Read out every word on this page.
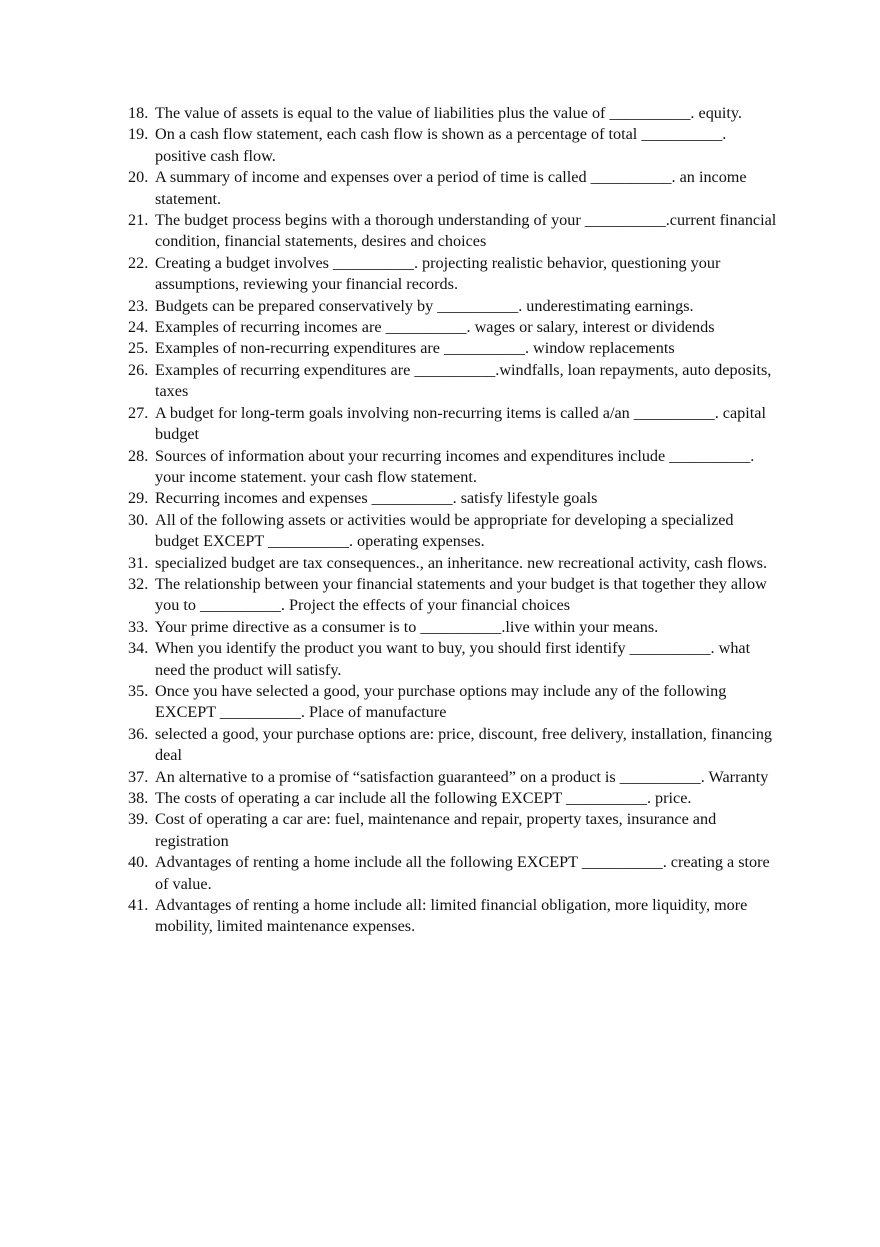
18. The value of assets is equal to the value of liabilities plus the value of __________. equity.
19. On a cash flow statement, each cash flow is shown as a percentage of total __________. positive cash flow.
20. A summary of income and expenses over a period of time is called __________. an income statement.
21. The budget process begins with a thorough understanding of your __________.current financial condition, financial statements, desires and choices
22. Creating a budget involves __________. projecting realistic behavior, questioning your assumptions, reviewing your financial records.
23. Budgets can be prepared conservatively by __________. underestimating earnings.
24. Examples of recurring incomes are __________. wages or salary, interest or dividends
25. Examples of non-recurring expenditures are __________. window replacements
26. Examples of recurring expenditures are __________.windfalls, loan repayments, auto deposits, taxes
27. A budget for long-term goals involving non-recurring items is called a/an __________. capital budget
28. Sources of information about your recurring incomes and expenditures include __________. your income statement. your cash flow statement.
29. Recurring incomes and expenses __________. satisfy lifestyle goals
30. All of the following assets or activities would be appropriate for developing a specialized budget EXCEPT __________. operating expenses.
31. specialized budget are tax consequences., an inheritance. new recreational activity, cash flows.
32. The relationship between your financial statements and your budget is that together they allow you to __________. Project the effects of your financial choices
33. Your prime directive as a consumer is to __________.live within your means.
34. When you identify the product you want to buy, you should first identify __________. what need the product will satisfy.
35. Once you have selected a good, your purchase options may include any of the following EXCEPT __________. Place of manufacture
36. selected a good, your purchase options are: price, discount, free delivery, installation, financing deal
37. An alternative to a promise of “satisfaction guaranteed” on a product is __________. Warranty
38. The costs of operating a car include all the following EXCEPT __________. price.
39. Cost of operating a car are: fuel, maintenance and repair, property taxes, insurance and registration
40. Advantages of renting a home include all the following EXCEPT __________. creating a store of value.
41. Advantages of renting a home include all: limited financial obligation, more liquidity, more mobility, limited maintenance expenses.
